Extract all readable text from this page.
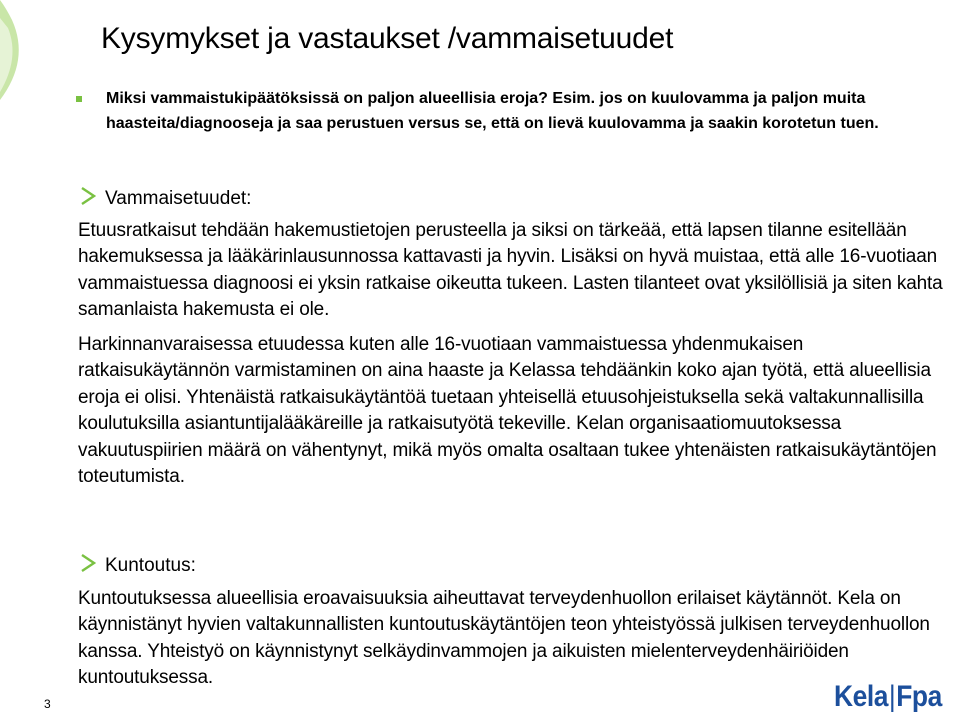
Kysymykset ja vastaukset /vammaisetuudet
Miksi vammaistukipäätöksissä on paljon alueellisia eroja? Esim. jos on kuulovamma ja paljon muita haasteita/diagnooseja ja saa perustuen versus se, että on lievä kuulovamma ja saakin korotetun tuen.
Vammaisetuudet:

Etuusratkaisut tehdään hakemustietojen perusteella ja siksi on tärkeää, että lapsen tilanne esitellään hakemuksessa ja lääkärinlausunnossa kattavasti ja hyvin. Lisäksi on hyvä muistaa, että alle 16-vuotiaan vammaistuessa diagnoosi ei yksin ratkaise oikeutta tukeen. Lasten tilanteet ovat yksilöllisiä ja siten kahta samanlaista hakemusta ei ole.

Harkinnanvaraisessa etuudessa kuten alle 16-vuotiaan vammaistuessa yhdenmukaisen ratkaisukäytännön varmistaminen on aina haaste ja Kelassa tehdäänkin koko ajan työtä, että alueellisia eroja ei olisi. Yhtenäistä ratkaisukäytäntöä tuetaan yhteisellä etuusohjeistuksella sekä valtakunnallisilla koulutuksilla asiantuntijalääkäreille ja ratkaisutyötä tekeville. Kelan organisaatiomuutoksessa vakuutuspiirien määrä on vähentynyt, mikä myös omalta osaltaan tukee yhtenäisten ratkaisukäytäntöjen toteutumista.

Kuntoutus:

Kuntoutuksessa alueellisia eroavaisuuksia aiheuttavat terveydenhuollon erilaiset käytännöt. Kela on käynnistänyt hyvien valtakunnallisten kuntoutuskäytäntöjen teon yhteistyössä julkisen terveydenhuollon kanssa. Yhteistyö on käynnistynyt selkäydinvammojen ja aikuisten mielenterveydenhäiriöiden kuntoutuksessa.

3	Kela|Fpa
